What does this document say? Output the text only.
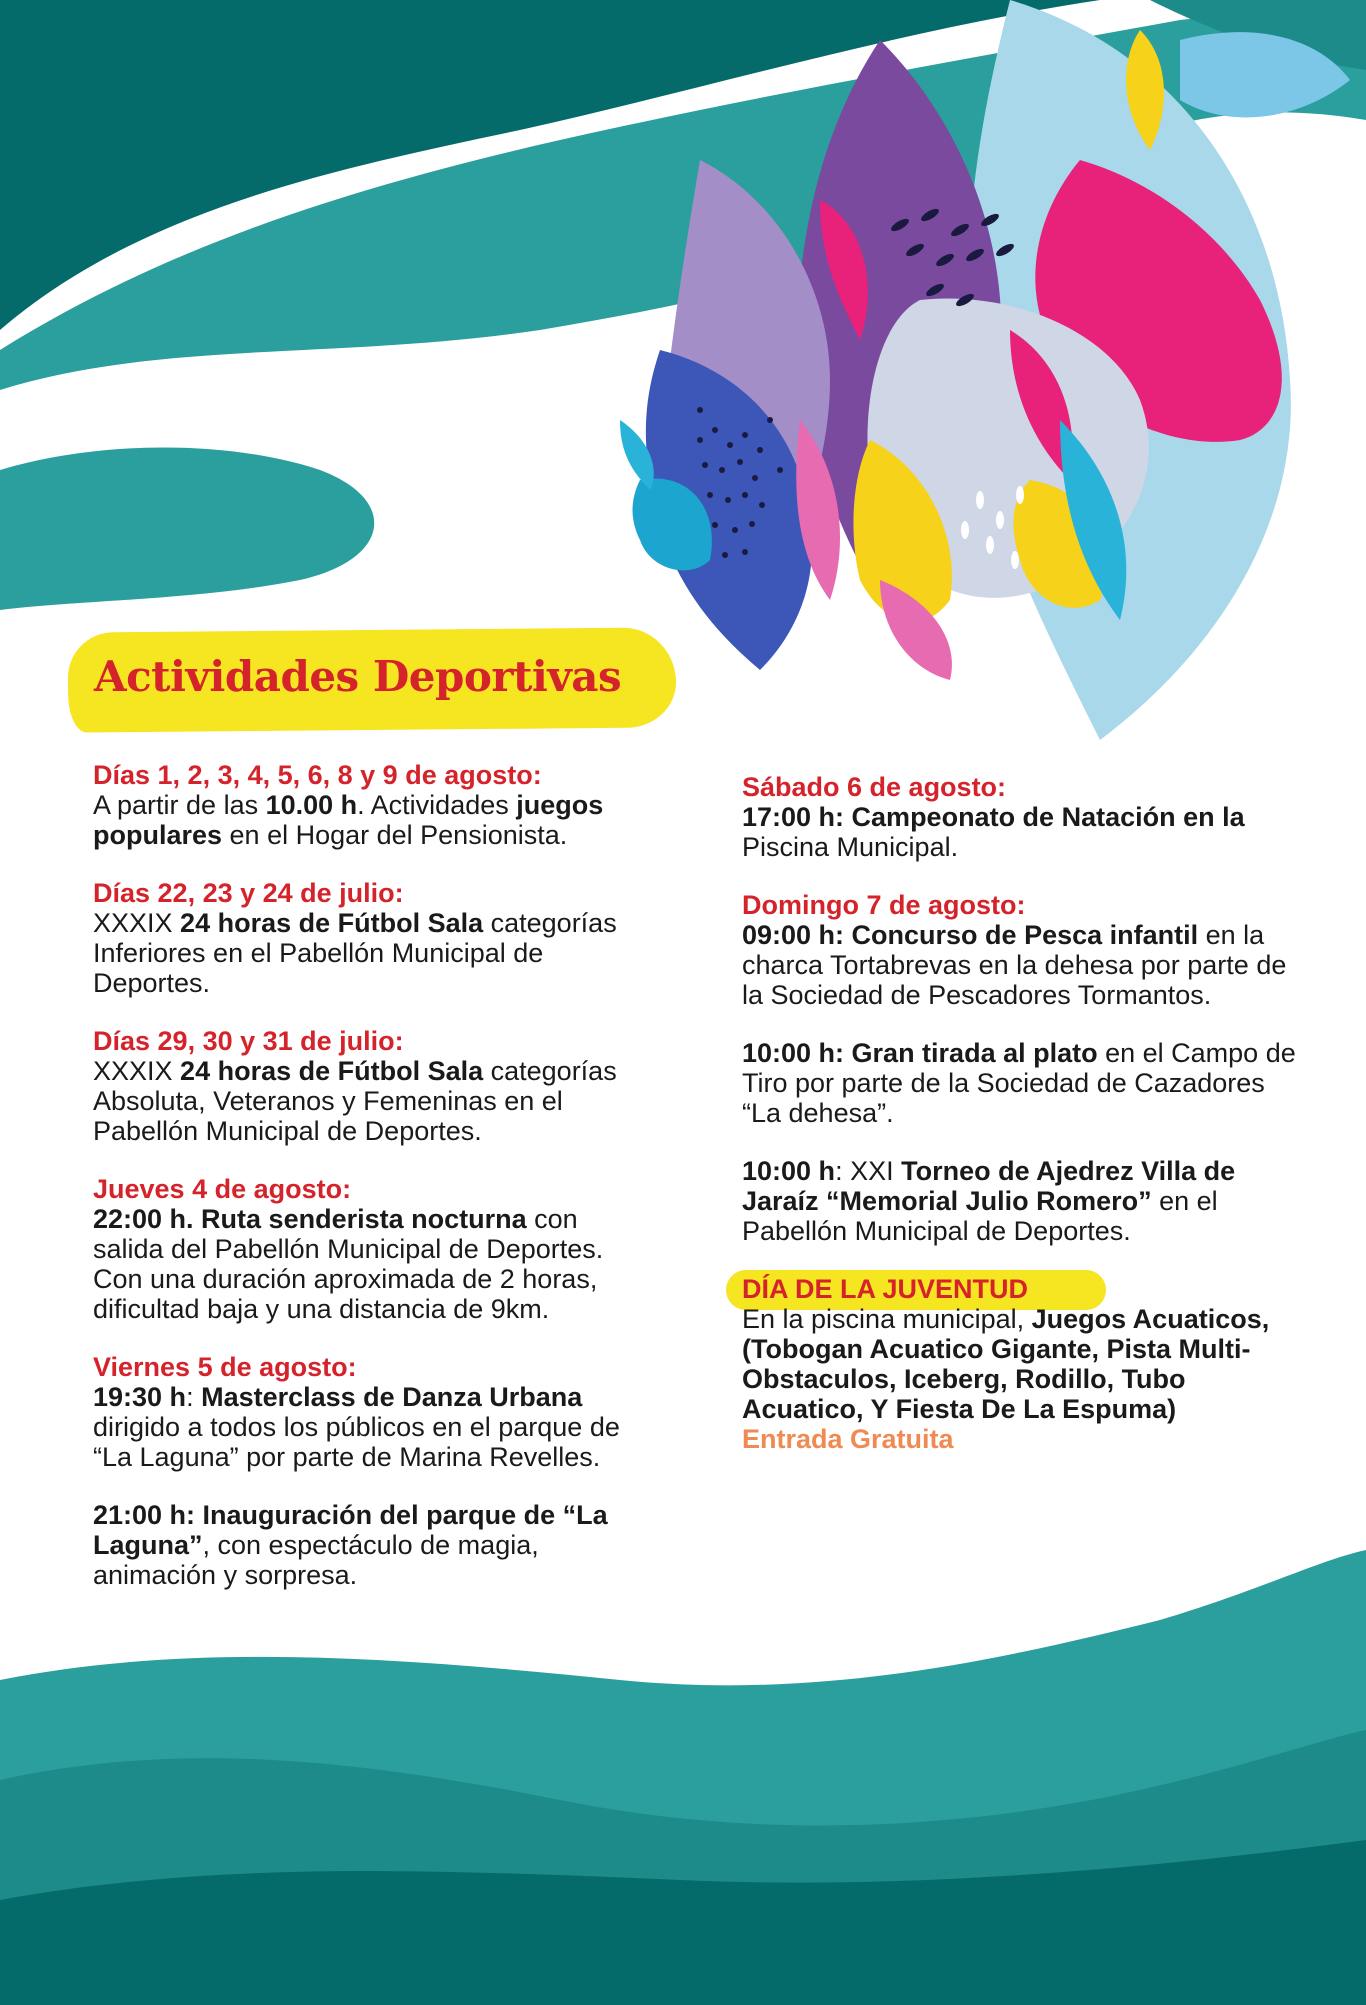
Actividades Deportivas
Días 1, 2, 3, 4, 5, 6, 8 y 9 de agosto:
A partir de las 10.00 h. Actividades juegos
populares en el Hogar del Pensionista.
Días 22, 23 y 24 de julio:
XXXIX 24 horas de Fútbol Sala categorías
Inferiores en el Pabellón Municipal de
Deportes.
Días 29, 30 y 31 de julio:
XXXIX 24 horas de Fútbol Sala categorías
Absoluta, Veteranos y Femeninas en el
Pabellón Municipal de Deportes.
Jueves 4 de agosto:
22:00 h. Ruta senderista nocturna con
salida del Pabellón Municipal de Deportes.
Con una duración aproximada de 2 horas,
dificultad baja y una distancia de 9km.
Viernes 5 de agosto:
19:30 h: Masterclass de Danza Urbana
dirigido a todos los públicos en el parque de
“La Laguna” por parte de Marina Revelles.
21:00 h: Inauguración del parque de “La
Laguna”, con espectáculo de magia,
animación y sorpresa.
Sábado 6 de agosto:
17:00 h: Campeonato de Natación en la
Piscina Municipal.
Domingo 7 de agosto:
09:00 h: Concurso de Pesca infantil en la
charca Tortabrevas en la dehesa por parte de
la Sociedad de Pescadores Tormantos.
10:00 h: Gran tirada al plato en el Campo de
Tiro por parte de la Sociedad de Cazadores
“La dehesa”.
10:00 h: XXI Torneo de Ajedrez Villa de
Jaraíz “Memorial Julio Romero” en el
Pabellón Municipal de Deportes.
DÍA DE LA JUVENTUD
En la piscina municipal, Juegos Acuaticos,
(Tobogan Acuatico Gigante, Pista Multi-
Obstaculos, Iceberg, Rodillo, Tubo
Acuatico, Y Fiesta De La Espuma)
Entrada Gratuita
